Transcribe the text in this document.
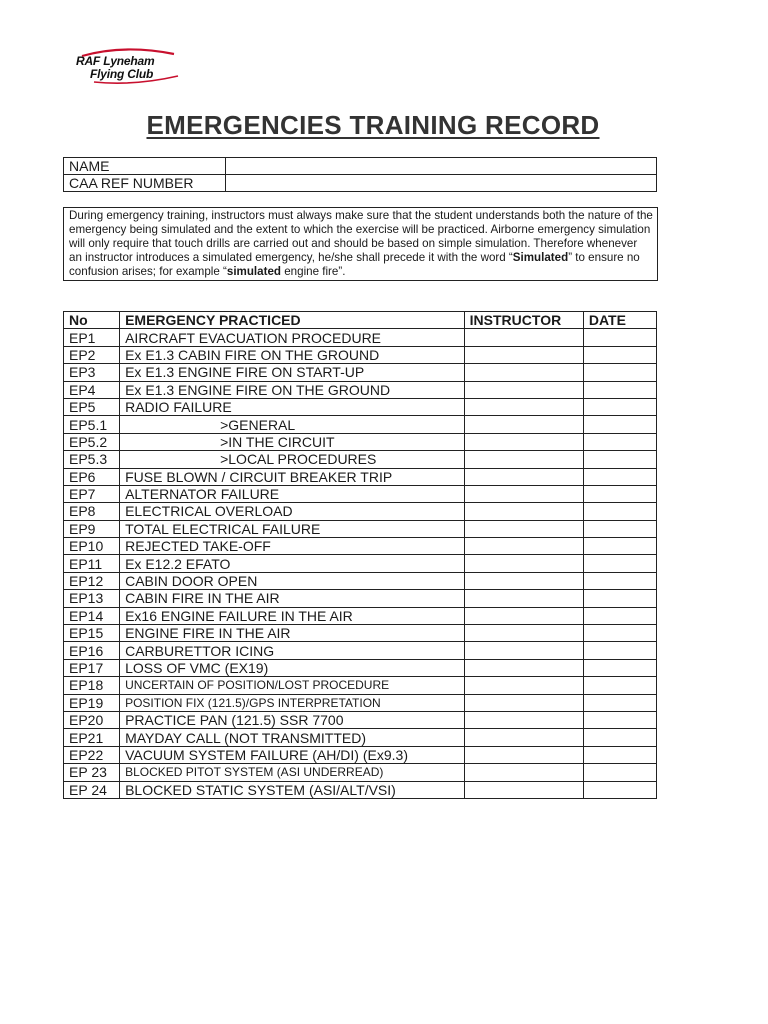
RAF Lyneham
Flying Club
EMERGENCIES TRAINING RECORD
NAME	
CAA REF NUMBER	
During emergency training, instructors must always make sure that the student understands both the nature of the emergency being simulated and the extent to which the exercise will be practiced. Airborne emergency simulation will only require that touch drills are carried out and should be based on simple simulation. Therefore whenever an instructor introduces a simulated emergency, he/she shall precede it with the word “Simulated” to ensure no confusion arises; for example “simulated engine fire”.
No	EMERGENCY PRACTICED	INSTRUCTOR	DATE
EP1	AIRCRAFT EVACUATION PROCEDURE		
EP2	Ex E1.3 CABIN FIRE ON THE GROUND		
EP3	Ex E1.3 ENGINE FIRE ON START-UP		
EP4	Ex E1.3 ENGINE FIRE ON THE GROUND		
EP5	RADIO FAILURE		
EP5.1	>GENERAL		
EP5.2	>IN THE CIRCUIT		
EP5.3	>LOCAL PROCEDURES		
EP6	FUSE BLOWN / CIRCUIT BREAKER TRIP		
EP7	ALTERNATOR FAILURE		
EP8	ELECTRICAL OVERLOAD		
EP9	TOTAL ELECTRICAL FAILURE		
EP10	REJECTED TAKE-OFF		
EP11	Ex E12.2 EFATO		
EP12	CABIN DOOR OPEN		
EP13	CABIN FIRE IN THE AIR		
EP14	Ex16 ENGINE FAILURE IN THE AIR		
EP15	ENGINE FIRE IN THE AIR		
EP16	CARBURETTOR ICING		
EP17	LOSS OF VMC (EX19)		
EP18	UNCERTAIN OF POSITION/LOST PROCEDURE		
EP19	POSITION FIX (121.5)/GPS INTERPRETATION		
EP20	PRACTICE PAN (121.5) SSR 7700		
EP21	MAYDAY CALL (NOT TRANSMITTED)		
EP22	VACUUM SYSTEM FAILURE (AH/DI) (Ex9.3)		
EP 23	BLOCKED PITOT SYSTEM (ASI UNDERREAD)		
EP 24	BLOCKED STATIC SYSTEM (ASI/ALT/VSI)		
